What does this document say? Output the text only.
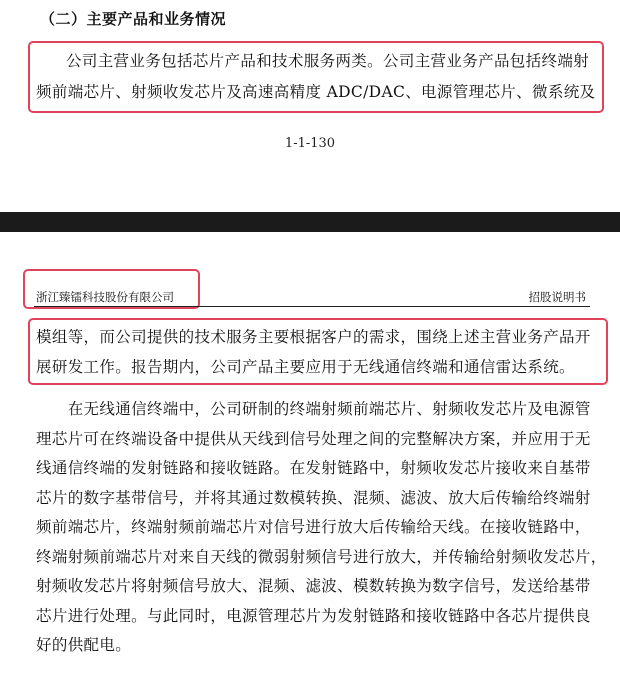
（二）主要产品和业务情况
公司主营业务包括芯片产品和技术服务两类。公司主营业务产品包括终端射
频前端芯片、射频收发芯片及高速高精度 ADC/DAC、电源管理芯片、微系统及
1-1-130
浙江臻镭科技股份有限公司	招股说明书
模组等，而公司提供的技术服务主要根据客户的需求，围绕上述主营业务产品开
展研发工作。报告期内，公司产品主要应用于无线通信终端和通信雷达系统。
　　在无线通信终端中，公司研制的终端射频前端芯片、射频收发芯片及电源管
理芯片可在终端设备中提供从天线到信号处理之间的完整解决方案，并应用于无
线通信终端的发射链路和接收链路。在发射链路中，射频收发芯片接收来自基带
芯片的数字基带信号，并将其通过数模转换、混频、滤波、放大后传输给终端射
频前端芯片，终端射频前端芯片对信号进行放大后传输给天线。在接收链路中，
终端射频前端芯片对来自天线的微弱射频信号进行放大，并传输给射频收发芯片，
射频收发芯片将射频信号放大、混频、滤波、模数转换为数字信号，发送给基带
芯片进行处理。与此同时，电源管理芯片为发射链路和接收链路中各芯片提供良
好的供配电。
